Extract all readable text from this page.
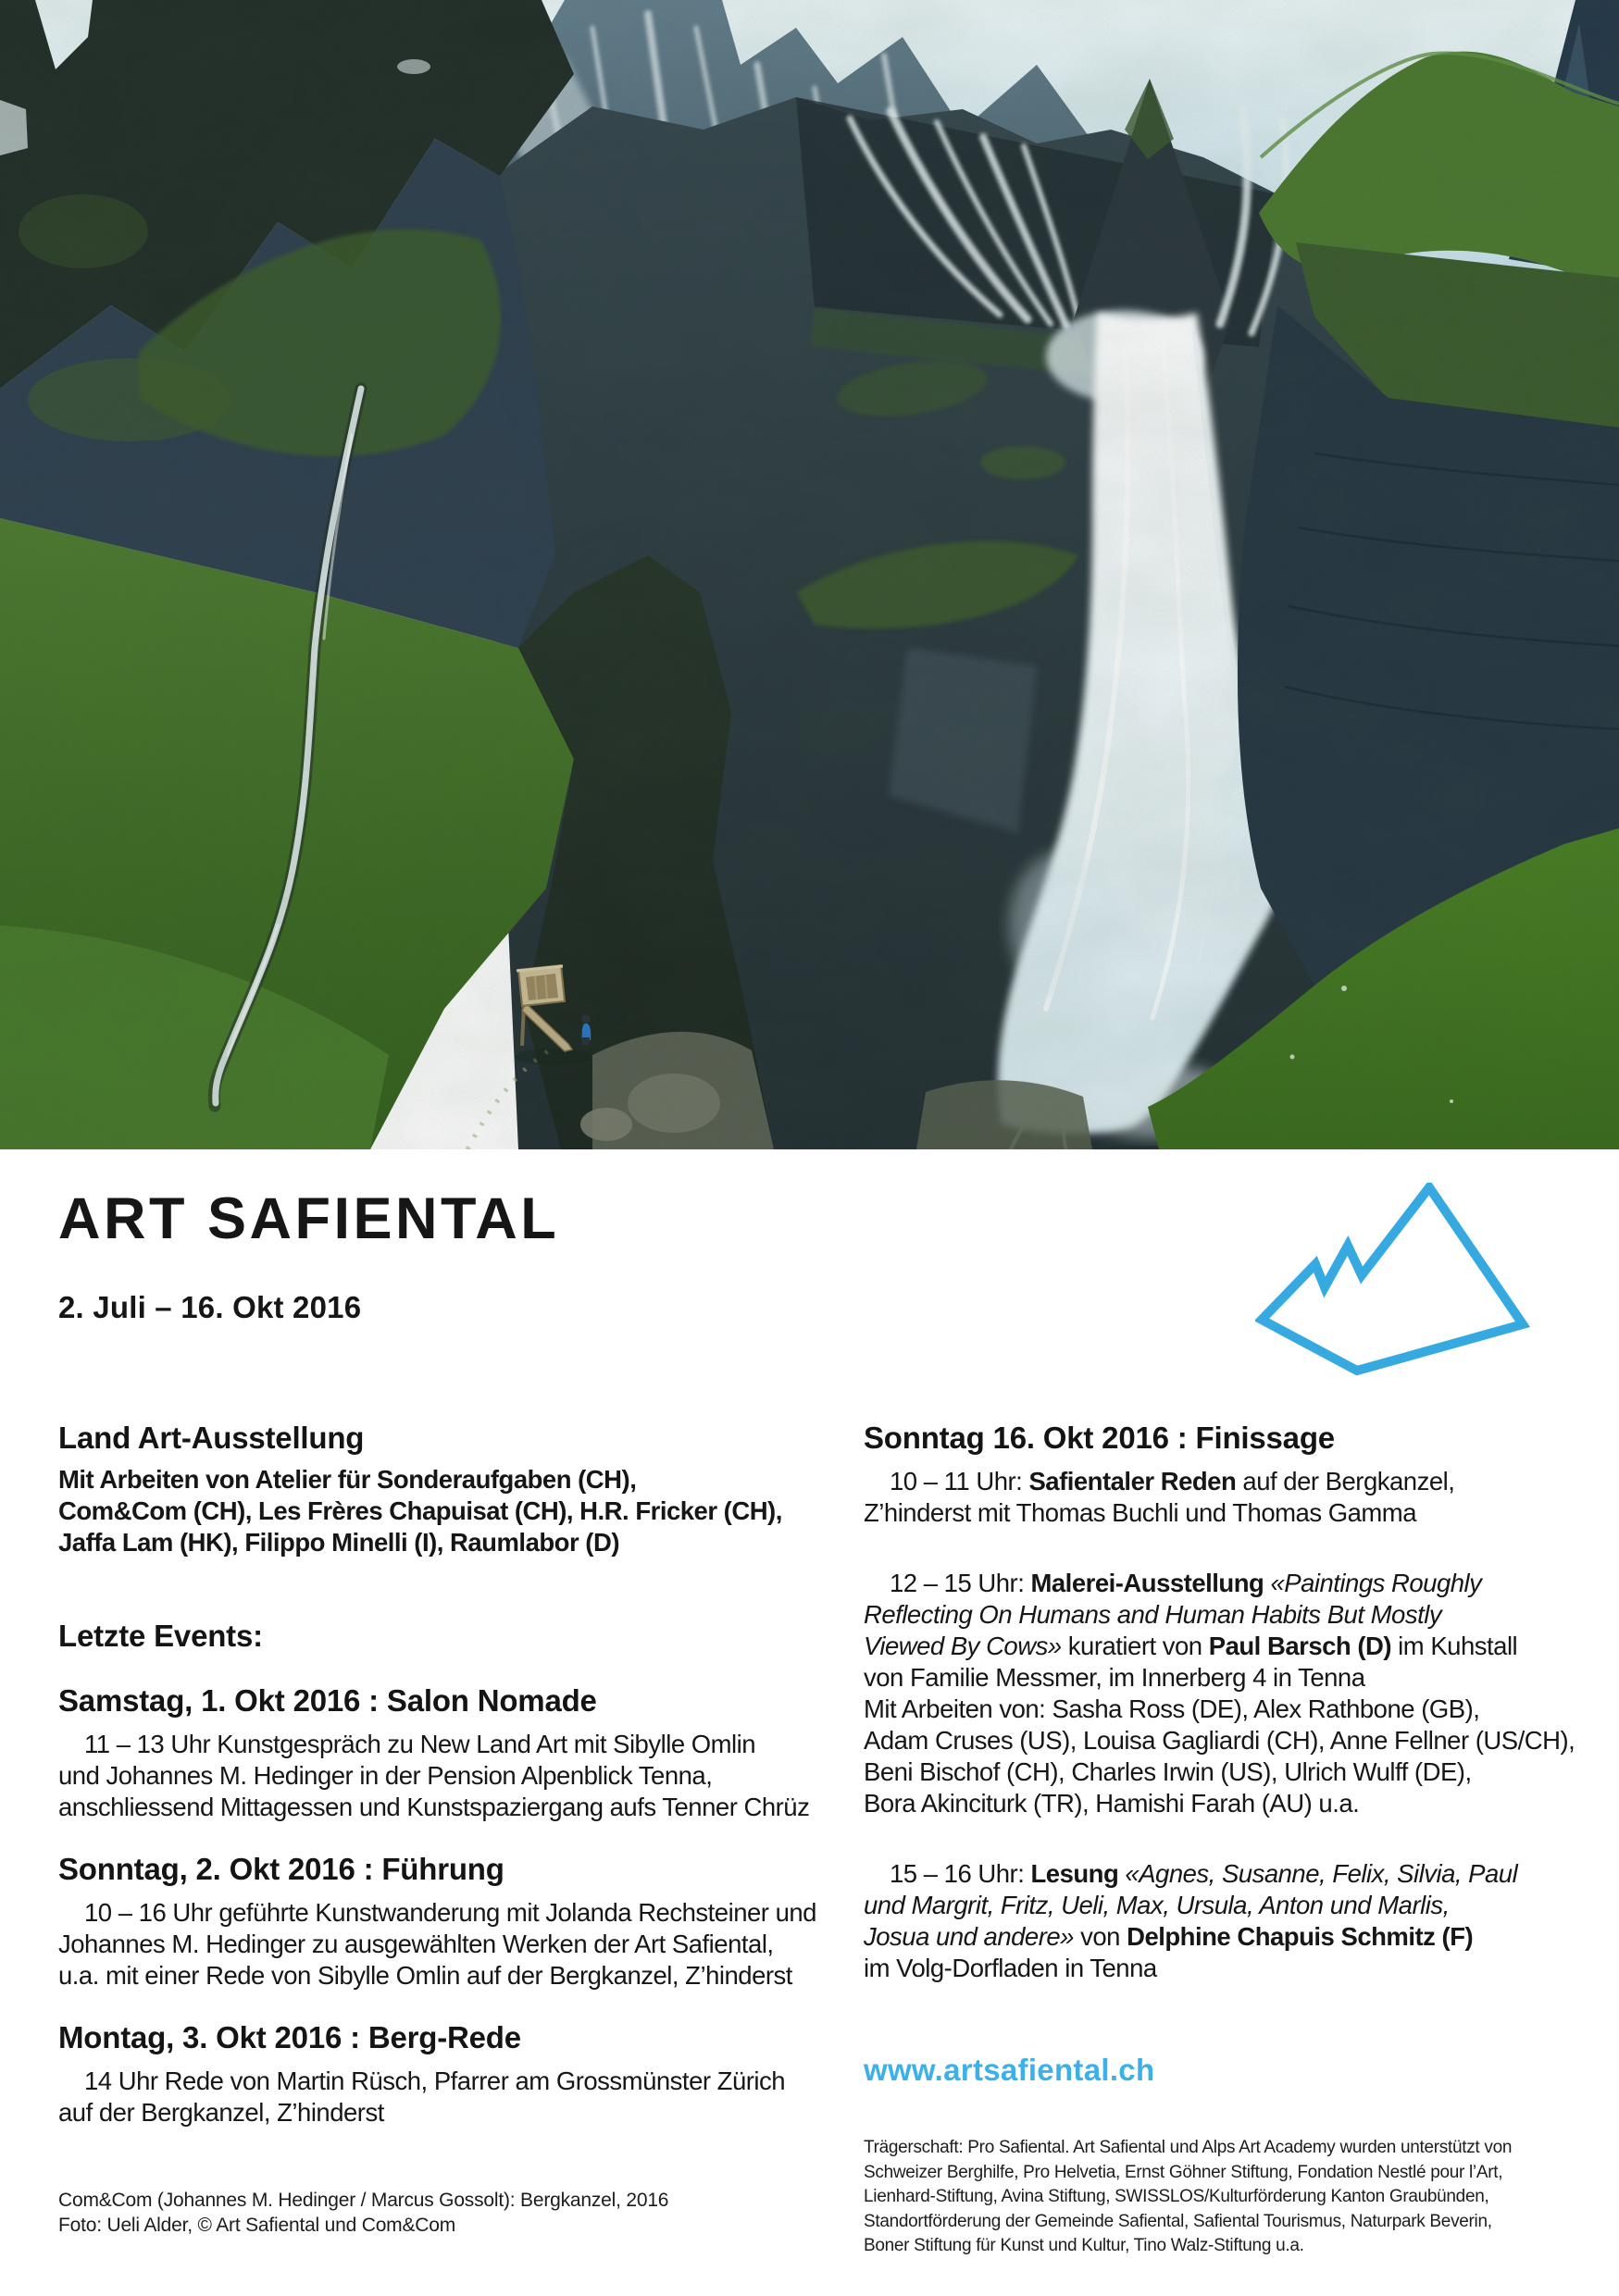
ART SAFIENTAL
2. Juli – 16. Okt 2016
Land Art-Ausstellung
Mit Arbeiten von Atelier für Sonderaufgaben (CH),
Com&Com (CH), Les Frères Chapuisat (CH), H.R. Fricker (CH),
Jaffa Lam (HK), Filippo Minelli (I), Raumlabor (D)
Letzte Events:
Samstag, 1. Okt 2016 : Salon Nomade
11 – 13 Uhr Kunstgespräch zu New Land Art mit Sibylle Omlin
und Johannes M. Hedinger in der Pension Alpenblick Tenna,
anschliessend Mittagessen und Kunstspaziergang aufs Tenner Chrüz
Sonntag, 2. Okt 2016 : Führung
10 – 16 Uhr geführte Kunstwanderung mit Jolanda Rechsteiner und
Johannes M. Hedinger zu ausgewählten Werken der Art Safiental,
u.a. mit einer Rede von Sibylle Omlin auf der Bergkanzel, Z’hinderst
Montag, 3. Okt 2016 : Berg-Rede
14 Uhr Rede von Martin Rüsch, Pfarrer am Grossmünster Zürich
auf der Bergkanzel, Z’hinderst
Sonntag 16. Okt 2016 : Finissage
10 – 11 Uhr: Safientaler Reden auf der Bergkanzel,
Z’hinderst mit Thomas Buchli und Thomas Gamma
12 – 15 Uhr: Malerei-Ausstellung «Paintings Roughly
Reflecting On Humans and Human Habits But Mostly
Viewed By Cows» kuratiert von Paul Barsch (D) im Kuhstall
von Familie Messmer, im Innerberg 4 in Tenna
Mit Arbeiten von: Sasha Ross (DE), Alex Rathbone (GB),
Adam Cruses (US), Louisa Gagliardi (CH), Anne Fellner (US/CH),
Beni Bischof (CH), Charles Irwin (US), Ulrich Wulff (DE),
Bora Akinciturk (TR), Hamishi Farah (AU) u.a.
15 – 16 Uhr: Lesung «Agnes, Susanne, Felix, Silvia, Paul
und Margrit, Fritz, Ueli, Max, Ursula, Anton und Marlis,
Josua und andere» von Delphine Chapuis Schmitz (F)
im Volg-Dorfladen in Tenna
www.artsafiental.ch
Trägerschaft: Pro Safiental. Art Safiental und Alps Art Academy wurden unterstützt von
Schweizer Berghilfe, Pro Helvetia, Ernst Göhner Stiftung, Fondation Nestlé pour l’Art,
Lienhard-Stiftung, Avina Stiftung, SWISSLOS/Kulturförderung Kanton Graubünden,
Standortförderung der Gemeinde Safiental, Safiental Tourismus, Naturpark Beverin,
Boner Stiftung für Kunst und Kultur, Tino Walz-Stiftung u.a.
Com&Com (Johannes M. Hedinger / Marcus Gossolt): Bergkanzel, 2016
Foto: Ueli Alder, © Art Safiental und Com&Com
